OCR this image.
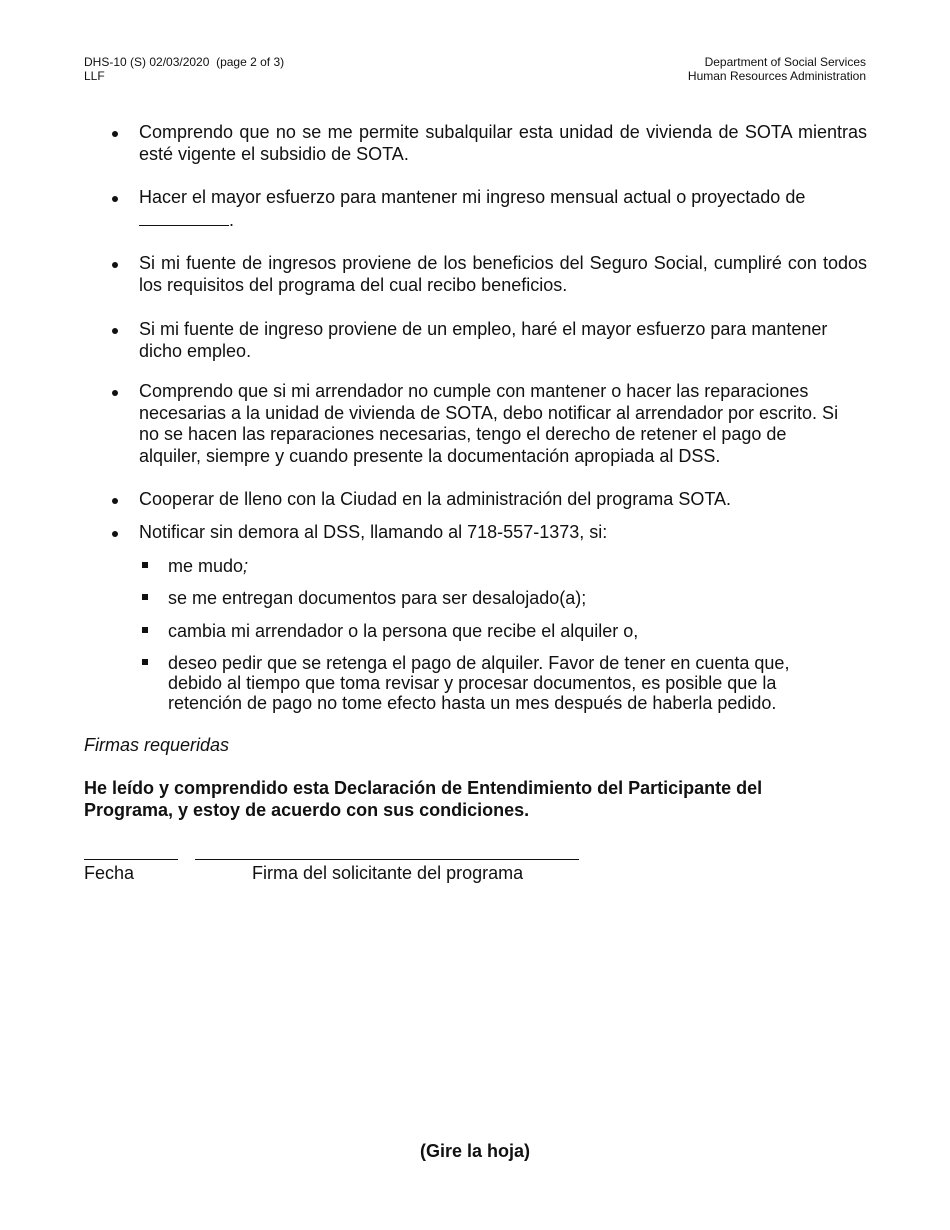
DHS-10 (S) 02/03/2020  (page 2 of 3)
LLF
Department of Social Services
Human Resources Administration
Comprendo que no se me permite subalquilar esta unidad de vivienda de SOTA mientras esté vigente el subsidio de SOTA.
Hacer el mayor esfuerzo para mantener mi ingreso mensual actual o proyectado de
.
Si mi fuente de ingresos proviene de los beneficios del Seguro Social, cumpliré con todos los requisitos del programa del cual recibo beneficios.
Si mi fuente de ingreso proviene de un empleo, haré el mayor esfuerzo para mantener dicho empleo.
Comprendo que si mi arrendador no cumple con mantener o hacer las reparaciones necesarias a la unidad de vivienda de SOTA, debo notificar al arrendador por escrito. Si no se hacen las reparaciones necesarias, tengo el derecho de retener el pago de alquiler, siempre y cuando presente la documentación apropiada al DSS.
Cooperar de lleno con la Ciudad en la administración del programa SOTA.
Notificar sin demora al DSS, llamando al 718-557-1373, si:
me mudo;
se me entregan documentos para ser desalojado(a);
cambia mi arrendador o la persona que recibe el alquiler o,
deseo pedir que se retenga el pago de alquiler. Favor de tener en cuenta que, debido al tiempo que toma revisar y procesar documentos, es posible que la retención de pago no tome efecto hasta un mes después de haberla pedido.
Firmas requeridas
He leído y comprendido esta Declaración de Entendimiento del Participante del Programa, y estoy de acuerdo con sus condiciones.
Fecha	Firma del solicitante del programa
(Gire la hoja)
